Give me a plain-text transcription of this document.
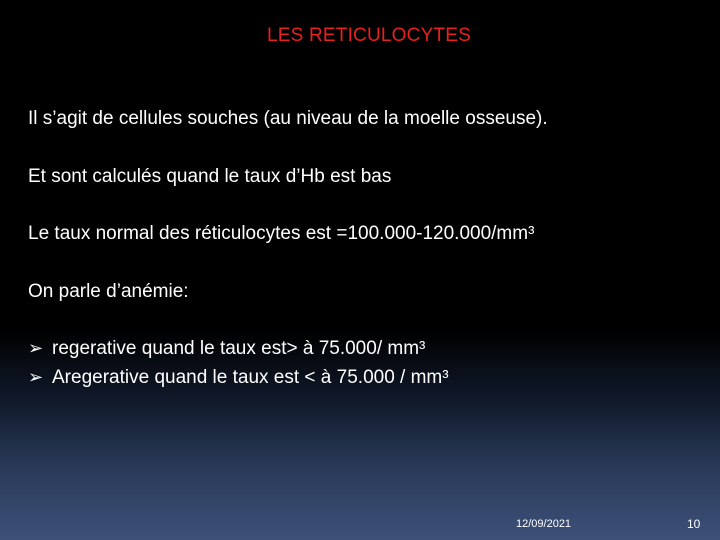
LES RETICULOCYTES
Il s’agit de cellules souches (au niveau de la moelle osseuse).
Et sont calculés quand le taux d’Hb est bas
Le taux normal des réticulocytes est =100.000-120.000/mm³
On parle d’anémie:
➢ regerative quand le taux est> à 75.000/ mm³
➢ Aregerative quand le taux est < à 75.000 / mm³
12/09/2021	10
